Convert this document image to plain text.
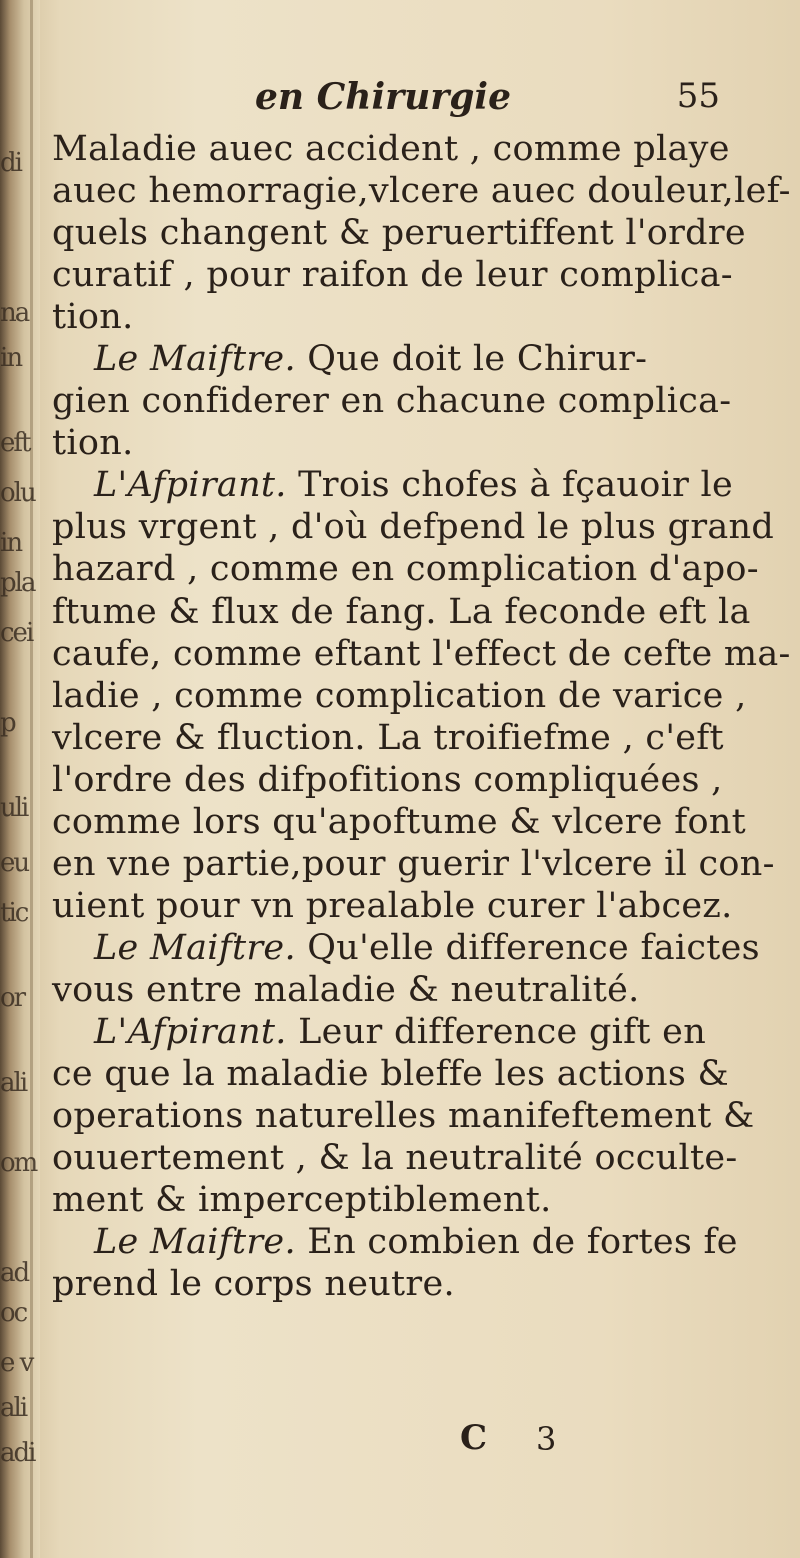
di
na
in
eft
olu
in
pla
cei
p
uli
eu
tic
or
ali
om
ad
oc
e v
ali
adi
en Chirurgie	55
Maladie auec accident , comme playe
auec hemorragie,vlcere auec douleur,lef-
quels changent & peruertiffent l'ordre
curatif , pour raifon de leur complica-
tion.
Le Maiftre. Que doit le Chirur-
gien confiderer en chacune complica-
tion.
L'Afpirant. Trois chofes à fçauoir le
plus vrgent , d'où defpend le plus grand
hazard , comme en complication d'apo-
ftume & flux de fang. La feconde eft la
caufe, comme eftant l'effect de cefte ma-
ladie , comme complication de varice ,
vlcere & fluction. La troifiefme , c'eft
l'ordre des difpofitions compliquées ,
comme lors qu'apoftume & vlcere font
en vne partie,pour guerir l'vlcere il con-
uient pour vn prealable curer l'abcez.
Le Maiftre. Qu'elle difference faictes
vous entre maladie & neutralité.
L'Afpirant. Leur difference gift en
ce que la maladie bleffe les actions &
operations naturelles manifeftement &
ouuertement , & la neutralité occulte-
ment & imperceptiblement.
Le Maiftre. En combien de fortes fe
prend le corps neutre.
C 3
